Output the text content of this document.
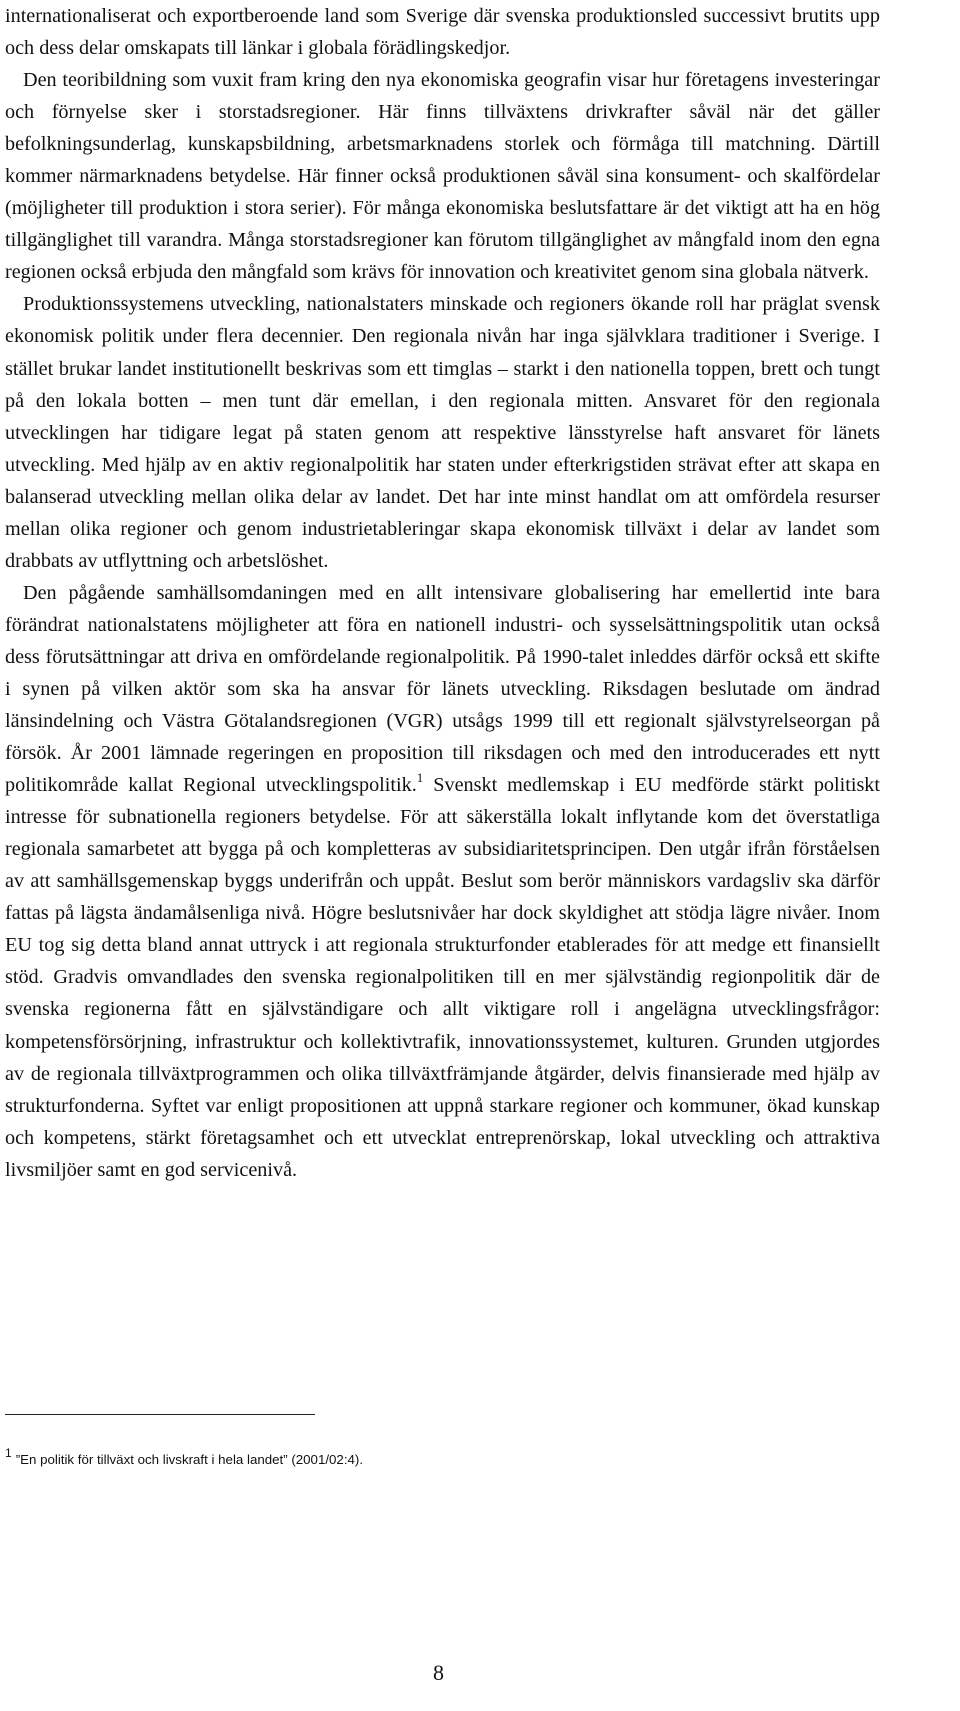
internationaliserat och exportberoende land som Sverige där svenska produktionsled successivt brutits upp och dess delar omskapats till länkar i globala förädlingskedjor.

Den teoribildning som vuxit fram kring den nya ekonomiska geografin visar hur företagens investeringar och förnyelse sker i storstadsregioner. Här finns tillväxtens drivkrafter såväl när det gäller befolkningsunderlag, kunskapsbildning, arbetsmarknadens storlek och förmåga till matchning. Därtill kommer närmarknadens betydelse. Här finner också produktionen såväl sina konsument- och skalfördelar (möjligheter till produktion i stora serier). För många ekonomiska beslutsfattare är det viktigt att ha en hög tillgänglighet till varandra. Många storstadsregioner kan förutom tillgänglighet av mångfald inom den egna regionen också erbjuda den mångfald som krävs för innovation och kreativitet genom sina globala nätverk.

Produktionssystemens utveckling, nationalstaters minskade och regioners ökande roll har präglat svensk ekonomisk politik under flera decennier. Den regionala nivån har inga självklara traditioner i Sverige. I stället brukar landet institutionellt beskrivas som ett timglas – starkt i den nationella toppen, brett och tungt på den lokala botten – men tunt där emellan, i den regionala mitten. Ansvaret för den regionala utvecklingen har tidigare legat på staten genom att respektive länsstyrelse haft ansvaret för länets utveckling. Med hjälp av en aktiv regionalpolitik har staten under efterkrigstiden strävat efter att skapa en balanserad utveckling mellan olika delar av landet. Det har inte minst handlat om att omfördela resurser mellan olika regioner och genom industrietableringar skapa ekonomisk tillväxt i delar av landet som drabbats av utflyttning och arbetslöshet.

Den pågående samhällsomdaningen med en allt intensivare globalisering har emellertid inte bara förändrat nationalstatens möjligheter att föra en nationell industri- och sysselsättningspolitik utan också dess förutsättningar att driva en omfördelande regionalpolitik. På 1990-talet inleddes därför också ett skifte i synen på vilken aktör som ska ha ansvar för länets utveckling. Riksdagen beslutade om ändrad länsindelning och Västra Götalandsregionen (VGR) utsågs 1999 till ett regionalt självstyrelseorgan på försök. År 2001 lämnade regeringen en proposition till riksdagen och med den introducerades ett nytt politikområde kallat Regional utvecklingspolitik.$^1$ Svenskt medlemskap i EU medförde stärkt politiskt intresse för subnationella regioners betydelse. För att säkerställa lokalt inflytande kom det överstatliga regionala samarbetet att bygga på och kompletteras av subsidiaritetsprincipen. Den utgår ifrån förståelsen av att samhällsgemenskap byggs underifrån och uppåt. Beslut som berör människors vardagsliv ska därför fattas på lägsta ändamålsenliga nivå. Högre beslutsnivåer har dock skyldighet att stödja lägre nivåer. Inom EU tog sig detta bland annat uttryck i att regionala strukturfonder etablerades för att medge ett finansiellt stöd. Gradvis omvandlades den svenska regionalpolitiken till en mer självständig regionpolitik där de svenska regionerna fått en självständigare och allt viktigare roll i angelägna utvecklingsfrågor: kompetensförsörjning, infrastruktur och kollektivtrafik, innovationssystemet, kulturen. Grunden utgjordes av de regionala tillväxtprogrammen och olika tillväxtfrämjande åtgärder, delvis finansierade med hjälp av strukturfonderna. Syftet var enligt propositionen att uppnå starkare regioner och kommuner, ökad kunskap och kompetens, stärkt företagsamhet och ett utvecklat entreprenörskap, lokal utveckling och attraktiva livsmiljöer samt en god servicenivå.

1 ”En politik för tillväxt och livskraft i hela landet” (2001/02:4).
8
